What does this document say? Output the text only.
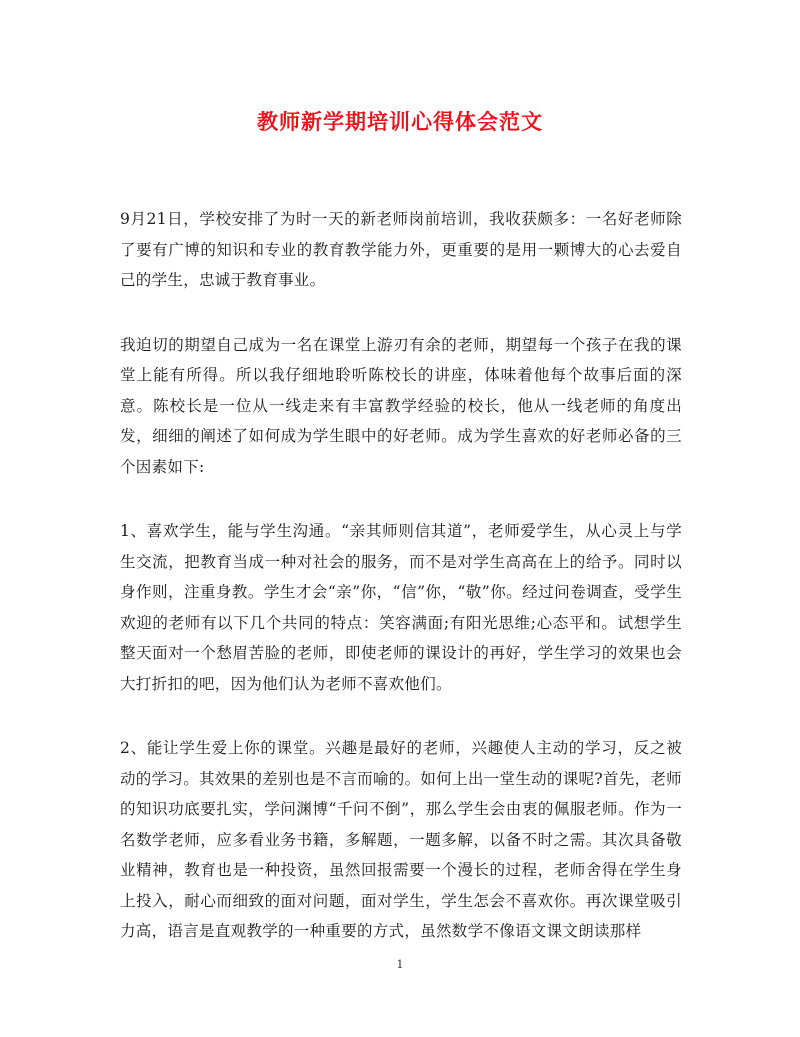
教师新学期培训心得体会范文

9月21日，学校安排了为时一天的新老师岗前培训，我收获颇多：一名好老师除了要有广博的知识和专业的教育教学能力外，更重要的是用一颗博大的心去爱自己的学生，忠诚于教育事业。

我迫切的期望自己成为一名在课堂上游刃有余的老师，期望每一个孩子在我的课堂上能有所得。所以我仔细地聆听陈校长的讲座，体味着他每个故事后面的深意。陈校长是一位从一线走来有丰富教学经验的校长，他从一线老师的角度出发，细细的阐述了如何成为学生眼中的好老师。成为学生喜欢的好老师必备的三个因素如下:

1、喜欢学生，能与学生沟通。“亲其师则信其道”，老师爱学生，从心灵上与学生交流，把教育当成一种对社会的服务，而不是对学生高高在上的给予。同时以身作则，注重身教。学生才会“亲”你，“信”你，“敬”你。经过问卷调查，受学生欢迎的老师有以下几个共同的特点：笑容满面;有阳光思维;心态平和。试想学生整天面对一个愁眉苦脸的老师，即使老师的课设计的再好，学生学习的效果也会大打折扣的吧，因为他们认为老师不喜欢他们。

2、能让学生爱上你的课堂。兴趣是最好的老师，兴趣使人主动的学习，反之被动的学习。其效果的差别也是不言而喻的。如何上出一堂生动的课呢?首先，老师的知识功底要扎实，学问渊博“千问不倒”，那么学生会由衷的佩服老师。作为一名数学老师，应多看业务书籍，多解题，一题多解，以备不时之需。其次具备敬业精神，教育也是一种投资，虽然回报需要一个漫长的过程，老师舍得在学生身上投入，耐心而细致的面对问题，面对学生，学生怎会不喜欢你。再次课堂吸引力高，语言是直观教学的一种重要的方式，虽然数学不像语文课文朗读那样

1
